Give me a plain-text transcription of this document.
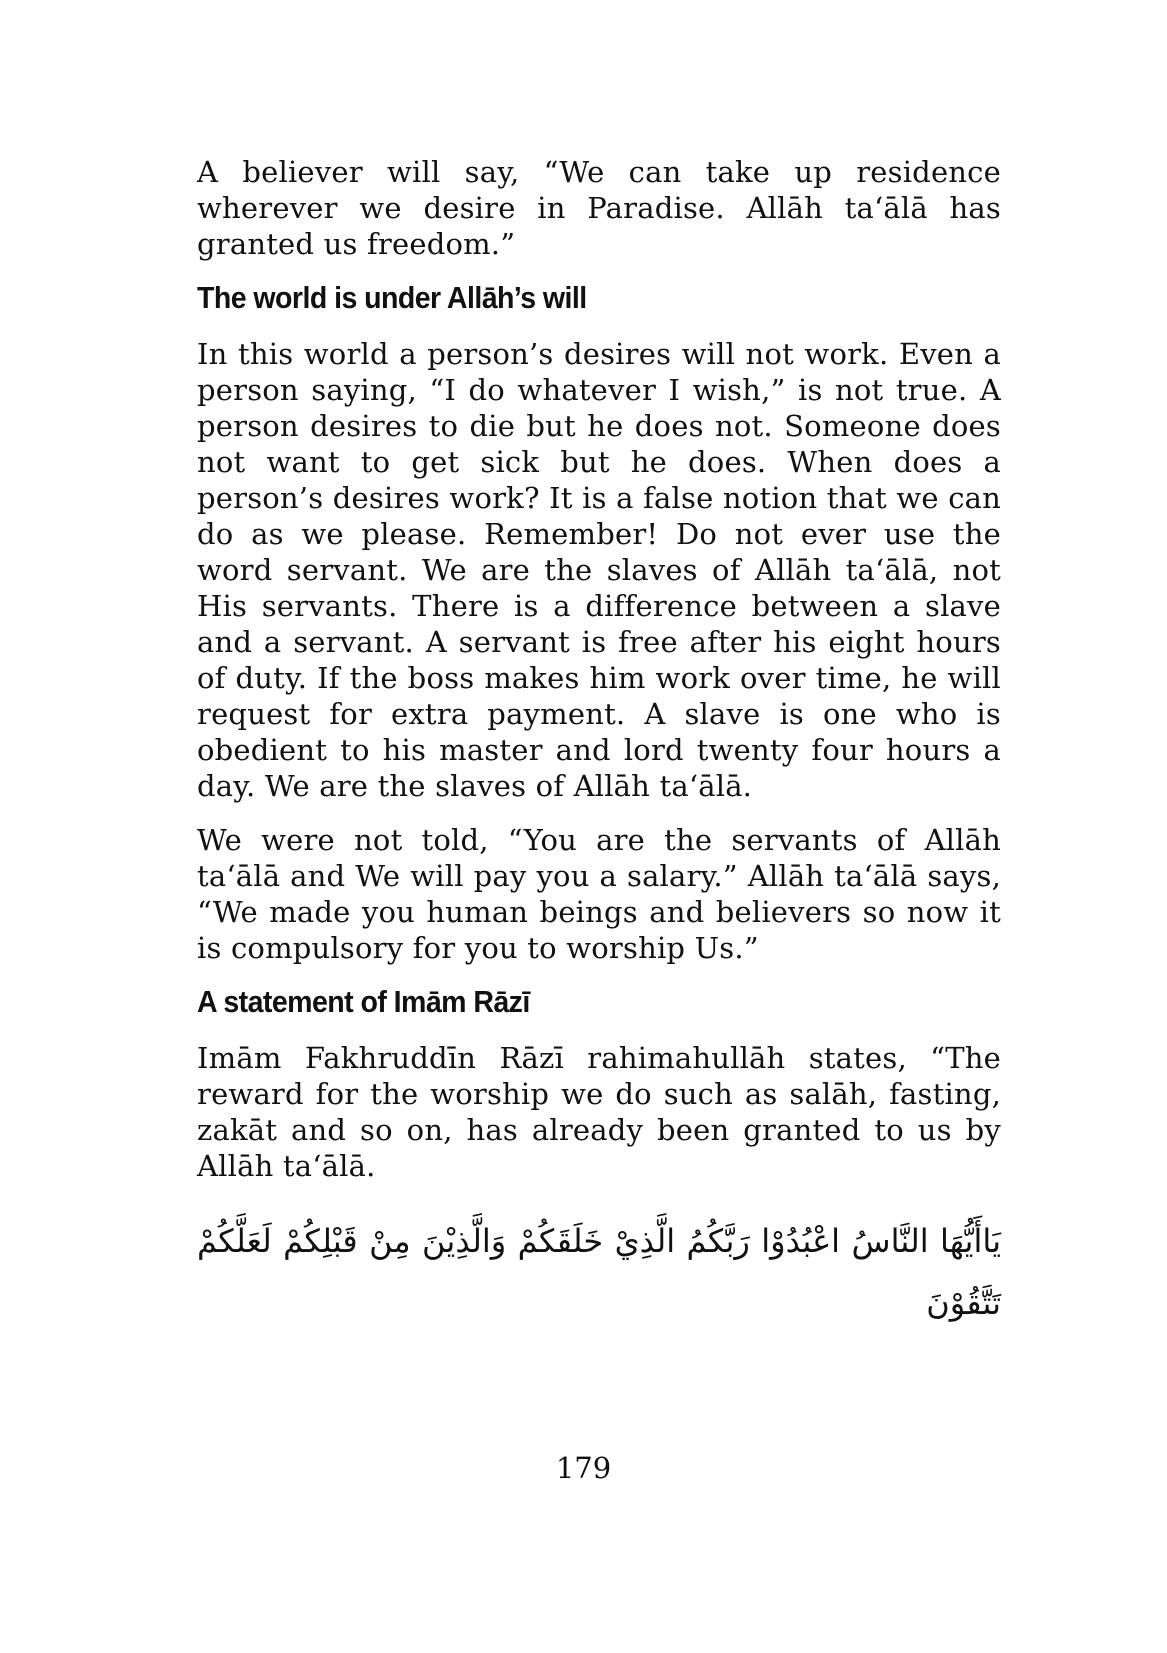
A believer will say, “We can take up residence wherever we desire in Paradise. Allāh ta‘ālā has granted us freedom.”

The world is under Allāh’s will

In this world a person’s desires will not work. Even a person saying, “I do whatever I wish,” is not true. A person desires to die but he does not. Someone does not want to get sick but he does. When does a person’s desires work? It is a false notion that we can do as we please. Remember! Do not ever use the word servant. We are the slaves of Allāh ta‘ālā, not His servants. There is a difference between a slave and a servant. A servant is free after his eight hours of duty. If the boss makes him work over time, he will request for extra payment. A slave is one who is obedient to his master and lord twenty four hours a day. We are the slaves of Allāh ta‘ālā.

We were not told, “You are the servants of Allāh ta‘ālā and We will pay you a salary.” Allāh ta‘ālā says, “We made you human beings and believers so now it is compulsory for you to worship Us.”

A statement of Imām Rāzī

Imām Fakhruddīn Rāzī rahimahullāh states, “The reward for the worship we do such as salāh, fasting, zakāt and so on, has already been granted to us by Allāh ta‘ālā.

يَاأَيُّهَا النَّاسُ اعْبُدُوْا رَبَّكُمُ الَّذِيْ خَلَقَكُمْ وَالَّذِيْنَ مِنْ قَبْلِكُمْ لَعَلَّكُمْ تَتَّقُوْنَ

179
